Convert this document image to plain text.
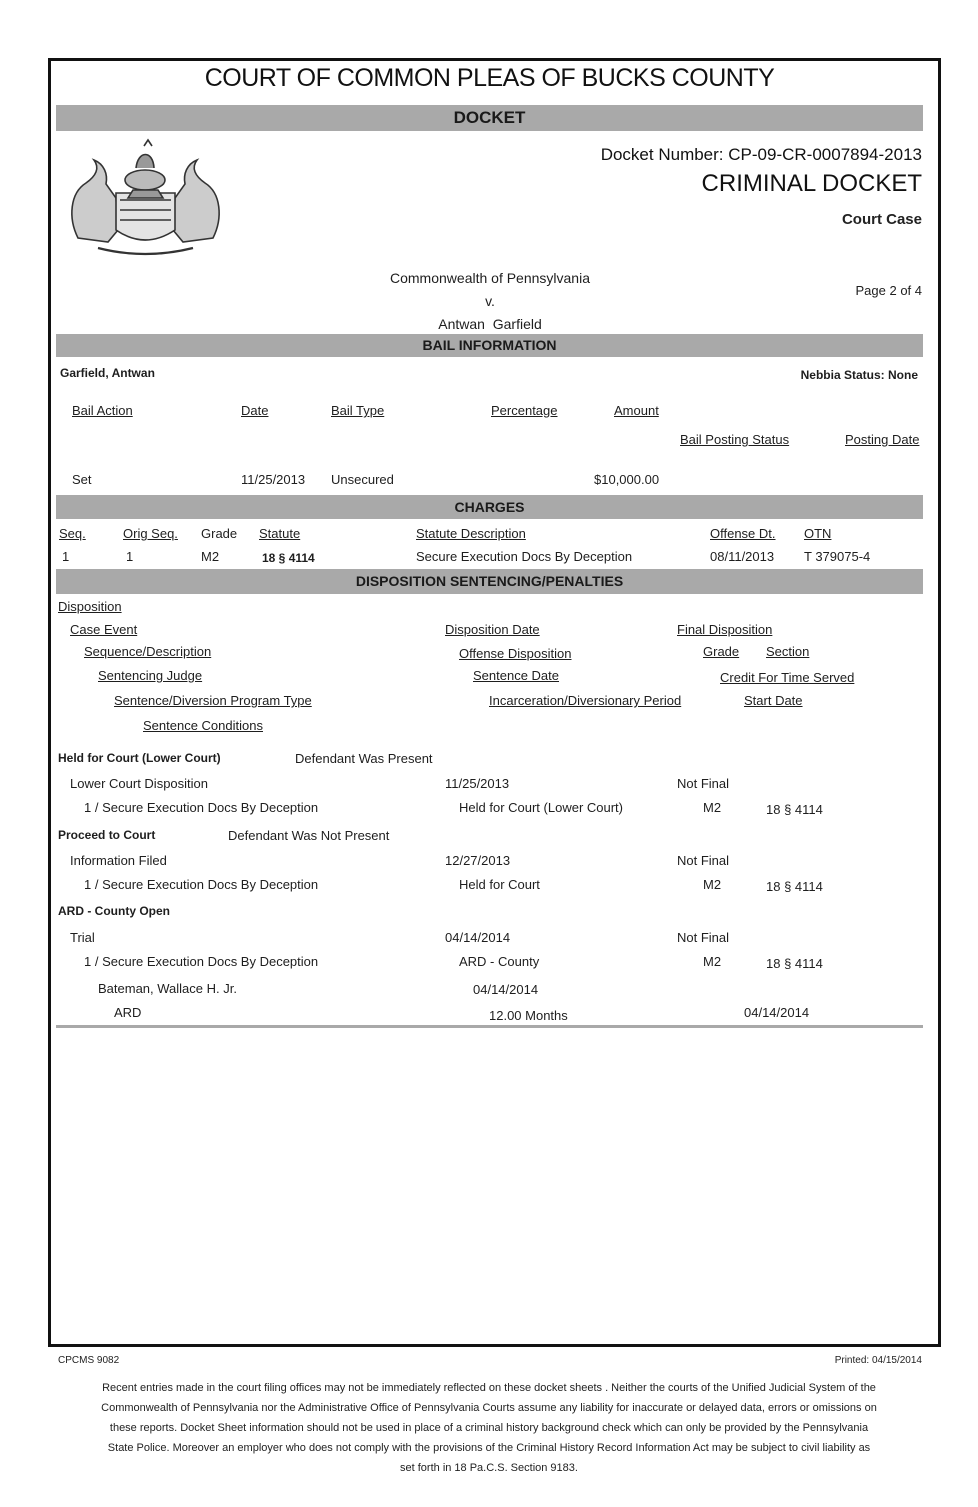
COURT OF COMMON PLEAS OF BUCKS COUNTY
DOCKET
Docket Number: CP-09-CR-0007894-2013
CRIMINAL DOCKET
Court Case
Commonwealth of Pennsylvania
v.
Antwan  Garfield
Page 2 of 4
BAIL INFORMATION
Garfield, Antwan	Nebbia Status: None
Bail Action	Date	Bail Type	Percentage	Amount
Bail Posting Status	Posting Date
Set	11/25/2013 Unsecured	$10,000.00
CHARGES
Seq.	Orig Seq. Grade Statute	Statute Description	Offense Dt. OTN
1	1	M2	18 § 4114	Secure Execution Docs By Deception	08/11/2013 T 379075-4
DISPOSITION SENTENCING/PENALTIES
Disposition
Case Event
Sequence/Description
Sentencing Judge
Sentence/Diversion Program Type
Sentence Conditions
Disposition Date
Offense Disposition
Sentence Date
Incarceration/Diversionary Period
Final Disposition
Grade Section
Credit For Time Served
Start Date
Held for Court (Lower Court)	Defendant Was Present
Lower Court Disposition	11/25/2013	Not Final
1 / Secure Execution Docs By Deception	Held for Court (Lower Court)	M2	18 § 4114
Proceed to Court	Defendant Was Not Present
Information Filed	12/27/2013	Not Final
1 / Secure Execution Docs By Deception	Held for Court	M2	18 § 4114
ARD - County Open
Trial	04/14/2014	Not Final
1 / Secure Execution Docs By Deception	ARD - County	M2	18 § 4114
Bateman, Wallace H. Jr.	04/14/2014
ARD	12.00 Months	04/14/2014
CPCMS 9082	Printed: 04/15/2014
Recent entries made in the court filing offices may not be immediately reflected on these docket sheets . Neither the courts of the Unified Judicial System of the Commonwealth of Pennsylvania nor the Administrative Office of Pennsylvania Courts assume any liability for inaccurate or delayed data, errors or omissions on these reports. Docket Sheet information should not be used in place of a criminal history background check which can only be provided by the Pennsylvania State Police. Moreover an employer who does not comply with the provisions of the Criminal History Record Information Act may be subject to civil liability as set forth in 18 Pa.C.S. Section 9183.
